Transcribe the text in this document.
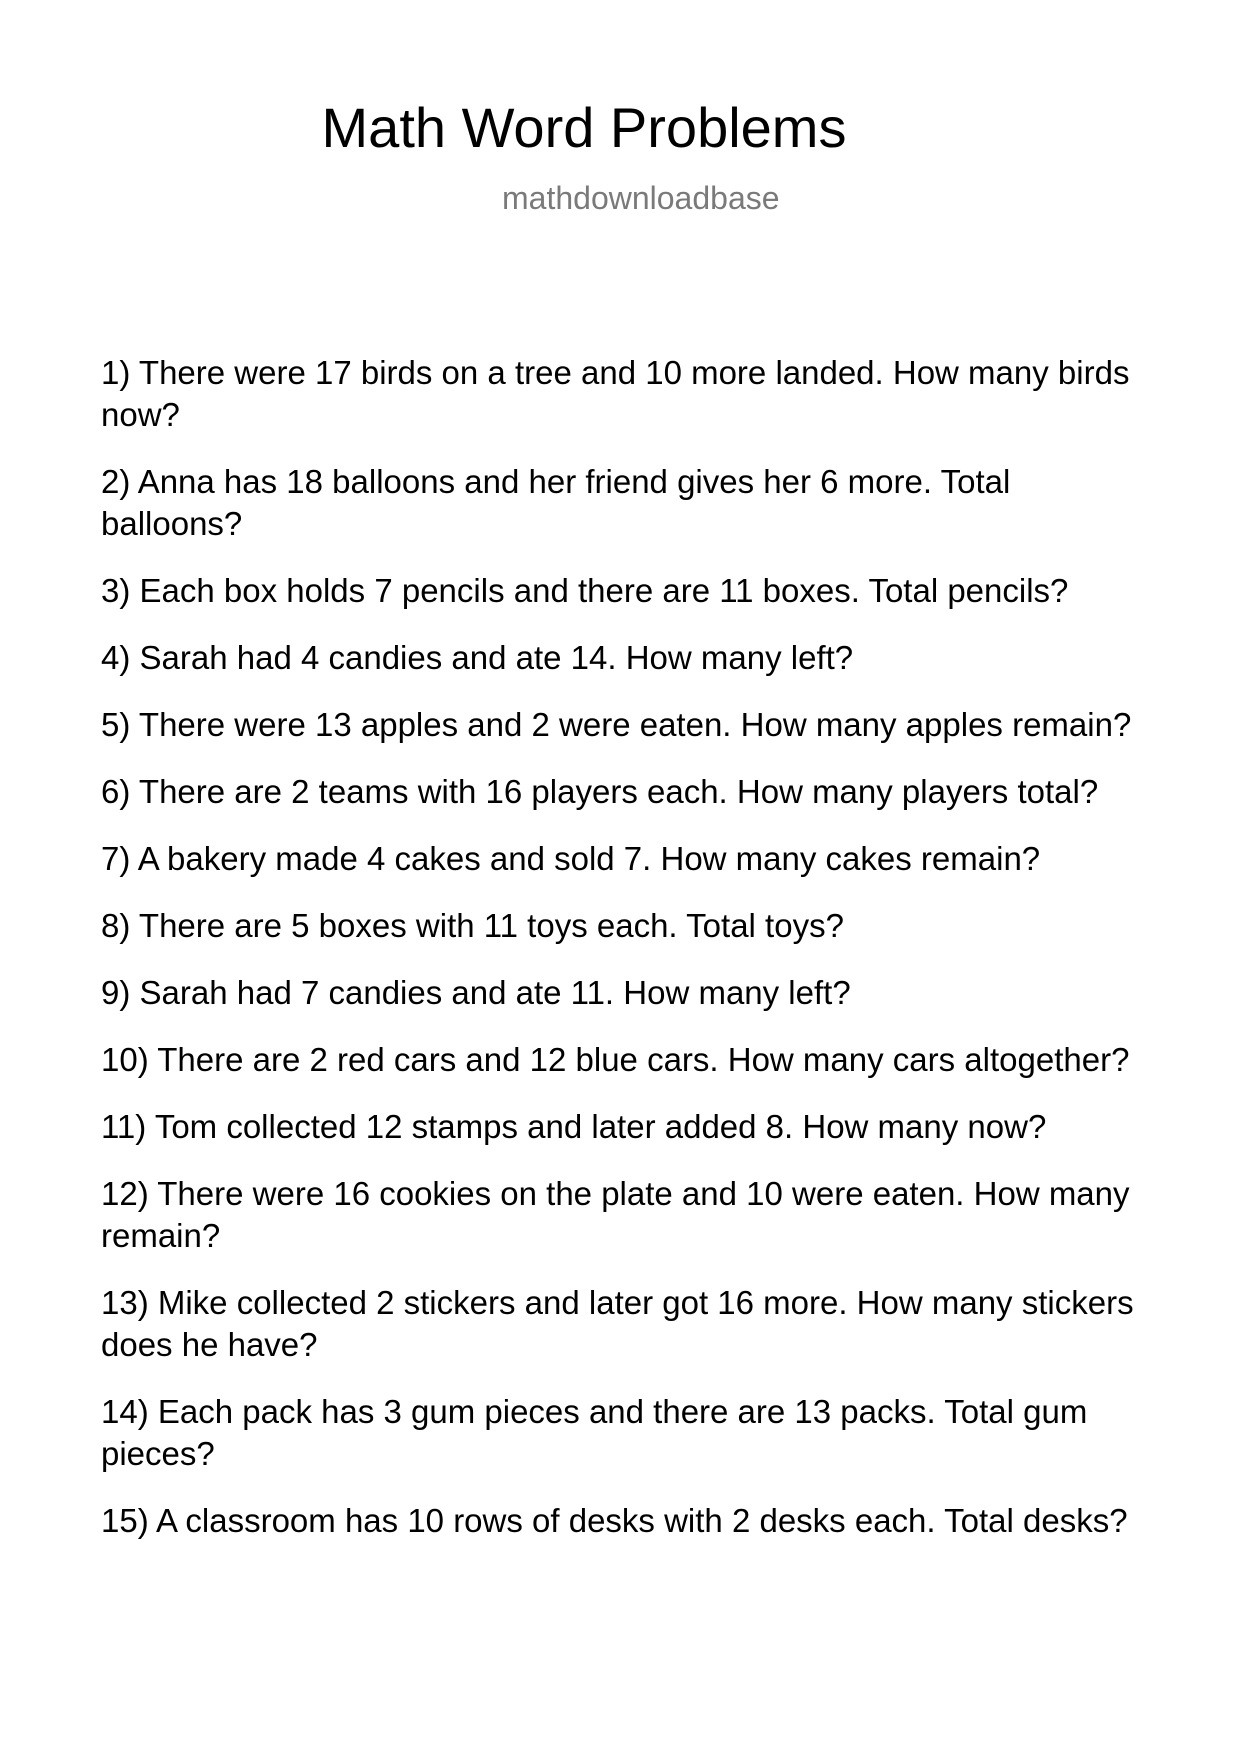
Math Word Problems
mathdownloadbase
1) There were 17 birds on a tree and 10 more landed. How many birds now?
2) Anna has 18 balloons and her friend gives her 6 more. Total balloons?
3) Each box holds 7 pencils and there are 11 boxes. Total pencils?
4) Sarah had 4 candies and ate 14. How many left?
5) There were 13 apples and 2 were eaten. How many apples remain?
6) There are 2 teams with 16 players each. How many players total?
7) A bakery made 4 cakes and sold 7. How many cakes remain?
8) There are 5 boxes with 11 toys each. Total toys?
9) Sarah had 7 candies and ate 11. How many left?
10) There are 2 red cars and 12 blue cars. How many cars altogether?
11) Tom collected 12 stamps and later added 8. How many now?
12) There were 16 cookies on the plate and 10 were eaten. How many remain?
13) Mike collected 2 stickers and later got 16 more. How many stickers does he have?
14) Each pack has 3 gum pieces and there are 13 packs. Total gum pieces?
15) A classroom has 10 rows of desks with 2 desks each. Total desks?
